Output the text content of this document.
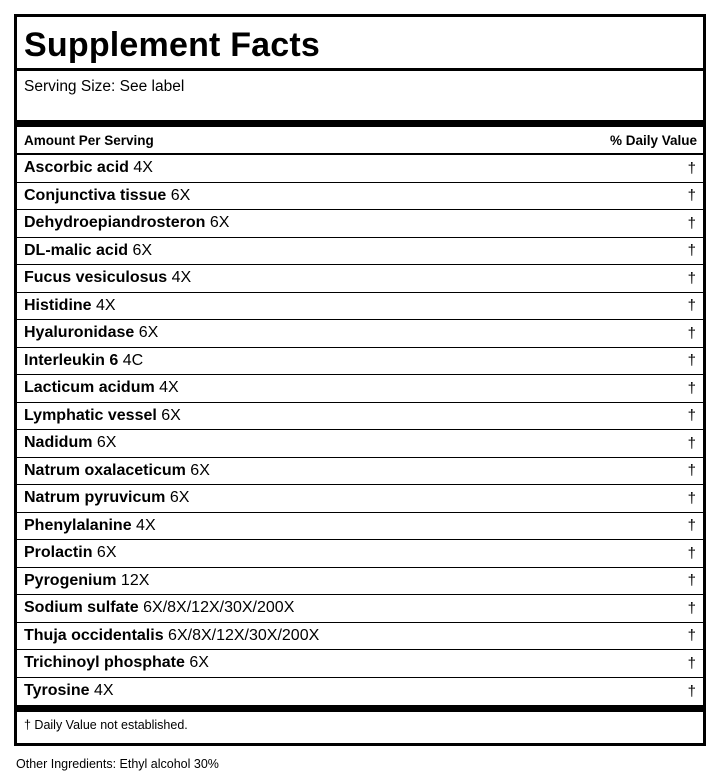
Supplement Facts
Serving Size: See label
Amount Per Serving	% Daily Value
Ascorbic acid 4X	†
Conjunctiva tissue 6X	†
Dehydroepiandrosteron 6X	†
DL-malic acid 6X	†
Fucus vesiculosus 4X	†
Histidine 4X	†
Hyaluronidase 6X	†
Interleukin 6 4C	†
Lacticum acidum 4X	†
Lymphatic vessel 6X	†
Nadidum 6X	†
Natrum oxalaceticum 6X	†
Natrum pyruvicum 6X	†
Phenylalanine 4X	†
Prolactin 6X	†
Pyrogenium 12X	†
Sodium sulfate 6X/8X/12X/30X/200X	†
Thuja occidentalis 6X/8X/12X/30X/200X	†
Trichinoyl phosphate 6X	†
Tyrosine 4X	†
† Daily Value not established.
Other Ingredients: Ethyl alcohol 30%
